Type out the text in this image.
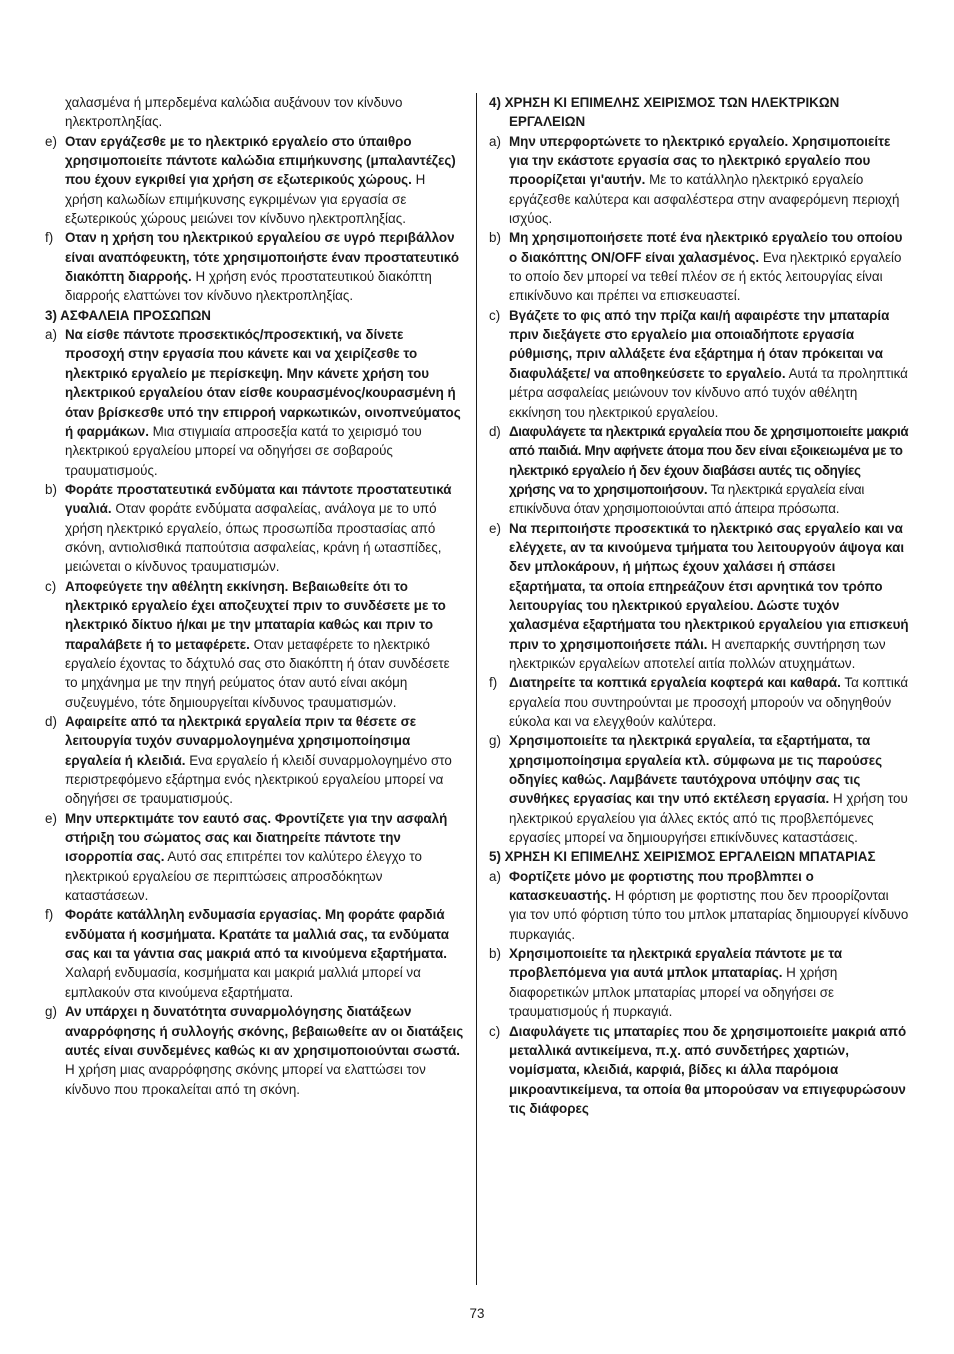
χαλασμένα ή μπερδεμένα καλώδια αυξάνουν τον κίνδυνο ηλεκτροπληξίας.

e) Οταν εργάζεσθε με το ηλεκτρικό εργαλείο στο ύπαιθρο χρησιμοποιείτε πάντοτε καλώδια επιμήκυνσης (μπαλαντέζες) που έχουν εγκριθεί για χρήση σε εξωτερικούς χώρους. Η χρήση καλωδίων επιμήκυνσης εγκριμένων για εργασία σε εξωτερικούς χώρους μειώνει τον κίνδυνο ηλεκτροπληξίας.

f) Οταν η χρήση του ηλεκτρικού εργαλείου σε υγρό περιβάλλον είναι αναπόφευκτη, τότε χρησιμοποιήστε έναν προστατευτικό διακόπτη διαρροής. Η χρήση ενός προστατευτικού διακόπτη διαρροής ελαττώνει τον κίνδυνο ηλεκτροπληξίας.

3) ΑΣΦΑΛΕΙΑ ΠΡΟΣΩΠΩΝ

a) Να είσθε πάντοτε προσεκτικός/προσεκτική, να δίνετε προσοχή στην εργασία που κάνετε και να χειρίζεσθε το ηλεκτρικό εργαλείο με περίσκεψη. Μην κάνετε χρήση του ηλεκτρικού εργαλείου όταν είσθε κουρασμένος/κουρασμένη ή όταν βρίσκεσθε υπό την επιρροή ναρκωτικών, οινοπνεύματος ή φαρμάκων. Μια στιγμιαία απροσεξία κατά το χειρισμό του ηλεκτρικού εργαλείου μπορεί να οδηγήσει σε σοβαρούς τραυματισμούς.

b) Φοράτε προστατευτικά ενδύματα και πάντοτε προστατευτικά γυαλιά. Οταν φοράτε ενδύματα ασφαλείας, ανάλογα με το υπό χρήση ηλεκτρικό εργαλείο, όπως προσωπίδα προστασίας από σκόνη, αντιολισθικά παπούτσια ασφαλείας, κράνη ή ωτασπίδες, μειώνεται ο κίνδυνος τραυματισμών.

c) Αποφεύγετε την αθέλητη εκκίνηση. Βεβαιωθείτε ότι το ηλεκτρικό εργαλείο έχει αποζευχτεί πριν το συνδέσετε με το ηλεκτρικό δίκτυο ή/και με την μπαταρία καθώς και πριν το παραλάβετε ή το μεταφέρετε. Οταν μεταφέρετε το ηλεκτρικό εργαλείο έχοντας το δάχτυλό σας στο διακόπτη ή όταν συνδέσετε το μηχάνημα με την πηγή ρεύματος όταν αυτό είναι ακόμη συζευγμένο, τότε δημιουργείται κίνδυνος τραυματισμών.

d) Αφαιρείτε από τα ηλεκτρικά εργαλεία πριν τα θέσετε σε λειτουργία τυχόν συναρμολογημένα χρησιμοποίησιμα εργαλεία ή κλειδιά. Ενα εργαλείο ή κλειδί συναρμολογημένο στο περιστρεφόμενο εξάρτημα ενός ηλεκτρικού εργαλείου μπορεί να οδηγήσει σε τραυματισμούς.

e) Μην υπερκτιμάτε τον εαυτό σας. Φροντίζετε για την ασφαλή στήριξη του σώματος σας και διατηρείτε πάντοτε την ισορροπία σας. Αυτό σας επιτρέπει τον καλύτερο έλεγχο το ηλεκτρικού εργαλείου σε περιπτώσεις απροσδόκητων καταστάσεων.

f) Φοράτε κατάλληλη ενδυμασία εργασίας. Μη φοράτε φαρδιά ενδύματα ή κοσμήματα. Κρατάτε τα μαλλιά σας, τα ενδύματα σας και τα γάντια σας μακριά από τα κινούμενα εξαρτήματα. Χαλαρή ενδυμασία, κοσμήματα και μακριά μαλλιά μπορεί να εμπλακούν στα κινούμενα εξαρτήματα.

g) Αν υπάρχει η δυνατότητα συναρμολόγησης διατάξεων αναρρόφησης ή συλλογής σκόνης, βεβαιωθείτε αν οι διατάξεις αυτές είναι συνδεμένες καθώς κι αν χρησιμοποιούνται σωστά. Η χρήση μιας αναρρόφησης σκόνης μπορεί να ελαττώσει τον κίνδυνο που προκαλείται από τη σκόνη.

4) ΧΡΗΣΗ ΚΙ ΕΠΙΜΕΛΗΣ ΧΕΙΡΙΣΜΟΣ ΤΩΝ ΗΛΕΚΤΡΙΚΩΝ ΕΡΓΑΛΕΙΩΝ

a) Μην υπερφορτώνετε το ηλεκτρικό εργαλείο. Χρησιμοποιείτε για την εκάστοτε εργασία σας το ηλεκτρικό εργαλείο που προορίζεται γι'αυτήν. Με το κατάλληλο ηλεκτρικό εργαλείο εργάζεσθε καλύτερα και ασφαλέστερα στην αναφερόμενη περιοχή ισχύος.

b) Μη χρησιμοποιήσετε ποτέ ένα ηλεκτρικό εργαλείο του οποίου ο διακόπτης ON/OFF είναι χαλασμένος. Ενα ηλεκτρικό εργαλείο το οποίο δεν μπορεί να τεθεί πλέον σε ή εκτός λειτουργίας είναι επικίνδυνο και πρέπει να επισκευαστεί.

c) Βγάζετε το φις από την πρίζα και/ή αφαιρέστε την μπαταρία πριν διεξάγετε στο εργαλείο μια οποιαδήποτε εργασία ρύθμισης, πριν αλλάξετε ένα εξάρτημα ή όταν πρόκειται να διαφυλάξετε/ να αποθηκεύσετε το εργαλείο. Αυτά τα προληπτικά μέτρα ασφαλείας μειώνουν τον κίνδυνο από τυχόν αθέλητη εκκίνηση του ηλεκτρικού εργαλείου.

d) Διαφυλάγετε τα ηλεκτρικά εργαλεία που δε χρησιμοποιείτε μακριά από παιδιά. Μην αφήνετε άτομα που δεν είναι εξοικειωμένα με το ηλεκτρικό εργαλείο ή δεν έχουν διαβάσει αυτές τις οδηγίες χρήσης να το χρησιμοποιήσουν. Τα ηλεκτρικά εργαλεία είναι επικίνδυνα όταν χρησιμοποιούνται από άπειρα πρόσωπα.

e) Να περιποιήστε προσεκτικά το ηλεκτρικό σας εργαλείο και να ελέγχετε, αν τα κινούμενα τμήματα του λειτουργούν άψογα και δεν μπλοκάρουν, ή μήπως έχουν χαλάσει ή σπάσει εξαρτήματα, τα οποία επηρεάζουν έτσι αρνητικά τον τρόπο λειτουργίας του ηλεκτρικού εργαλείου. Δώστε τυχόν χαλασμένα εξαρτήματα του ηλεκτρικού εργαλείου για επισκευή πριν το χρησιμοποιήσετε πάλι. Η ανεπαρκής συντήρηση των ηλεκτρικών εργαλείων αποτελεί αιτία πολλών ατυχημάτων.

f) Διατηρείτε τα κοπτικά εργαλεία κοφτερά και καθαρά. Τα κοπτικά εργαλεία που συντηρούνται με προσοχή μπορούν να οδηγηθούν εύκολα και να ελεγχθούν καλύτερα.

g) Χρησιμοποιείτε τα ηλεκτρικά εργαλεία, τα εξαρτήματα, τα χρησιμοποίησιμα εργαλεία κτλ. σύμφωνα με τις παρούσες οδηγίες καθώς. Λαμβάνετε ταυτόχρονα υπόψην σας τις συνθήκες εργασίας και την υπό εκτέλεση εργασία. Η χρήση του ηλεκτρικού εργαλείου για άλλες εκτός από τις προβλεπόμενες εργασίες μπορεί να δημιουργήσει επικίνδυνες καταστάσεις.

5) ΧΡΗΣΗ ΚΙ ΕΠΙΜΕΛΗΣ ΧΕΙΡΙΣΜΟΣ ΕΡΓΑΛΕΙΩΝ ΜΠΑΤΑΡΙΑΣ

a) Φορτίζετε μόνο με φορτιστης που προβλmπει ο κατασκευαστής. Η φόρτιση με φορτιστης που δεν προορίζονται για τον υπό φόρτιση τύπο του μπλοκ μπαταρίας δημιουργεί κίνδυνο πυρκαγιάς.

b) Χρησιμοποιείτε τα ηλεκτρικά εργαλεία πάντοτε με τα προβλεπόμενα για αυτά μπλοκ μπαταρίας. Η χρήση διαφορετικών μπλοκ μπαταρίας μπορεί να οδηγήσει σε τραυματισμούς ή πυρκαγιά.

c) Διαφυλάγετε τις μπαταρίες που δε χρησιμοποιείτε μακριά από μεταλλικά αντικείμενα, π.χ. από συνδετήρες χαρτιών, νομίσματα, κλειδιά, καρφιά, βίδες κι άλλα παρόμοια μικροαντικείμενα, τα οποία θα μπορούσαν να επιγεφυρώσουν τις διάφορες

73
